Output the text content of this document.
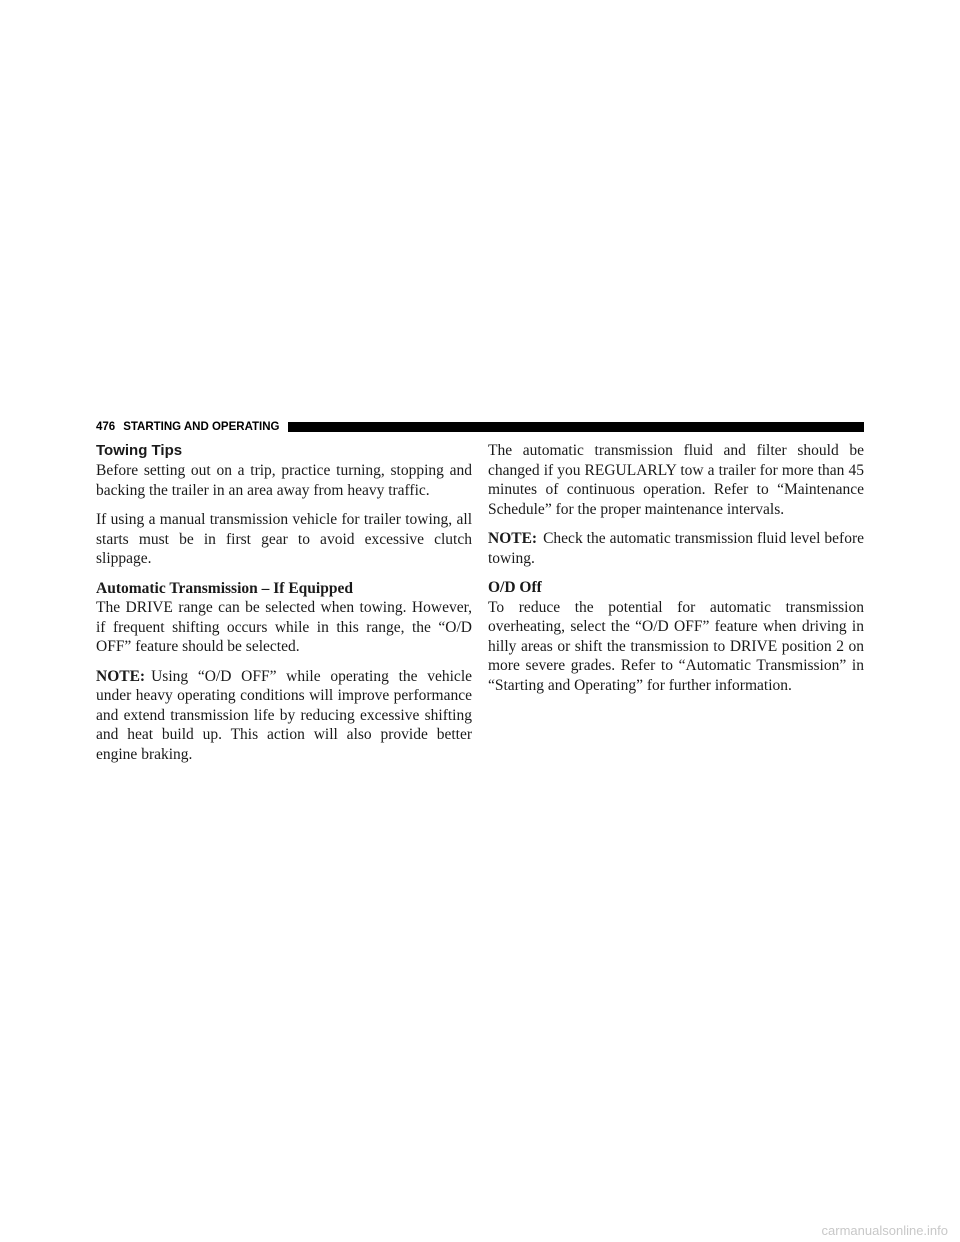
476 STARTING AND OPERATING
Towing Tips

Before setting out on a trip, practice turning, stopping and backing the trailer in an area away from heavy traffic.

If using a manual transmission vehicle for trailer towing, all starts must be in first gear to avoid excessive clutch slippage.

Automatic Transmission – If Equipped

The DRIVE range can be selected when towing. However, if frequent shifting occurs while in this range, the “O/D OFF” feature should be selected.

NOTE: Using “O/D OFF” while operating the vehicle under heavy operating conditions will improve performance and extend transmission life by reducing excessive shifting and heat build up. This action will also provide better engine braking.

The automatic transmission fluid and filter should be changed if you REGULARLY tow a trailer for more than 45 minutes of continuous operation. Refer to “Maintenance Schedule” for the proper maintenance intervals.

NOTE: Check the automatic transmission fluid level before towing.

O/D Off

To reduce the potential for automatic transmission overheating, select the “O/D OFF” feature when driving in hilly areas or shift the transmission to DRIVE position 2 on more severe grades. Refer to “Automatic Transmission” in “Starting and Operating” for further information.

carmanualsonline.info
